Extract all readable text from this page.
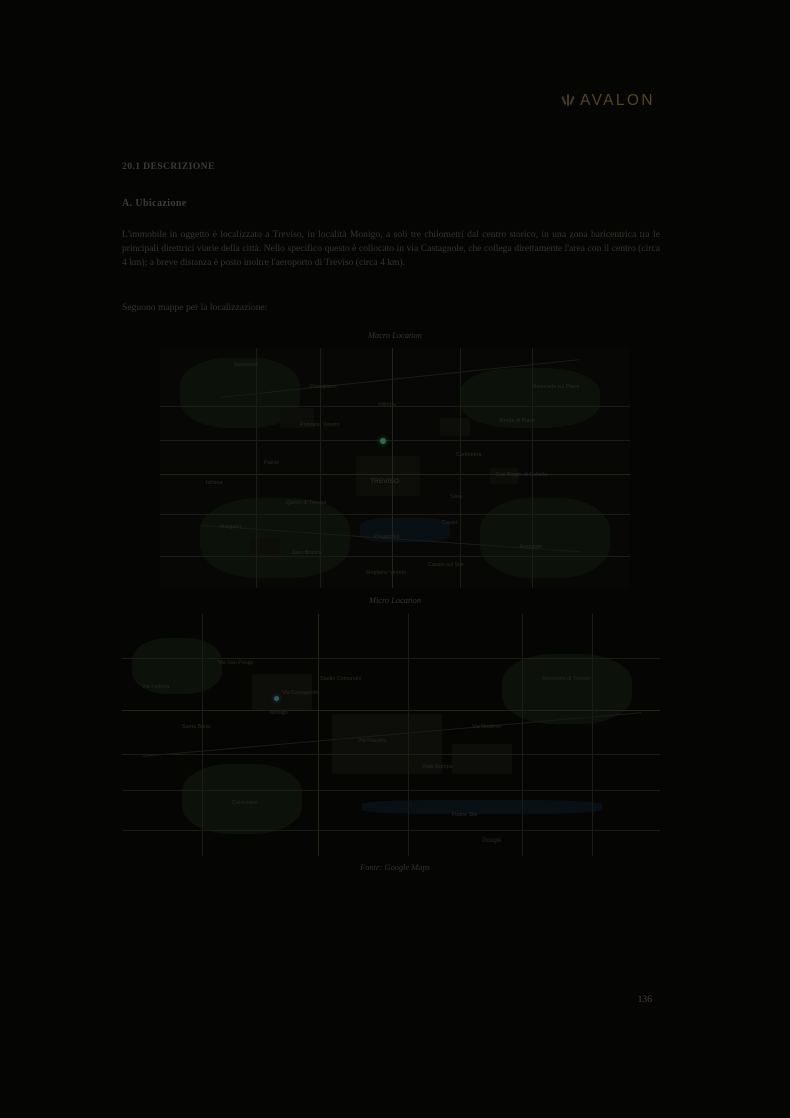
AVALON
20.1 DESCRIZIONE
A. Ubicazione
L'immobile in oggetto è localizzato a Treviso, in località Monigo, a soli tre chilometri dal centro storico, in una zona baricentrica tra le principali direttrici viarie della città. Nello specifico questo è collocato in via Castagnole, che collega direttamente l'area con il centro (circa 4 km); a breve distanza è posto inoltre l'aeroporto di Treviso (circa 4 km).
Seguono mappe per la localizzazione:
Macro Location
Spresiano
Povegliano
Villorba
Ponzano Veneto
Paese
Carbonera
TREVISO
Silea
Quinto di Treviso
Preganziol
Casier
Zero Branco
Mogliano Veneto
Istrana
Morgano
San Biagio di Callalta
Breda di Piave
Maserada sul Piave
Roncade
Casale sul Sile
Micro Location
Via Castagnole
Monigo
Stadio Comunale
Via San Pelajo
Via Pasubio
Viale Europa
Canizzano
Santa Bona	Via Noalese
Aeroporto di Treviso
Fiume Sile
Via Feltrina
Google
Fonte: Google Maps
136
